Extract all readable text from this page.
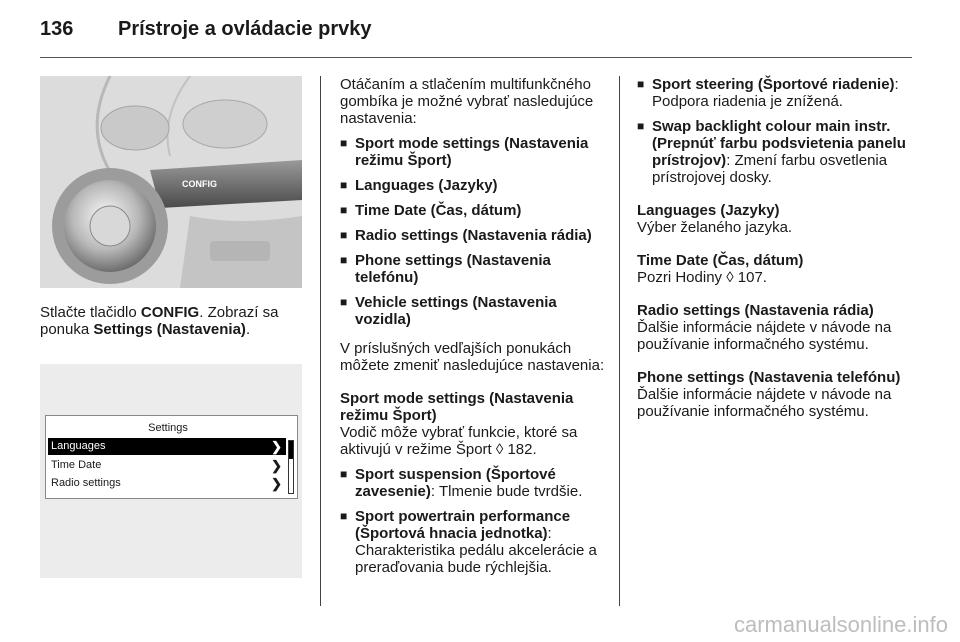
136 Prístroje a ovládacie prvky
CONFIG

Stlačte tlačidlo CONFIG. Zobrazí sa ponuka Settings (Nastavenia).

Settings
Languages	❯
Time Date	❯
Radio settings	❯

Otáčaním a stlačením multifunkčného gombíka je možné vybrať nasledujúce nastavenia:

■ Sport mode settings (Nastavenia režimu Šport)
■ Languages (Jazyky)
■ Time Date (Čas, dátum)
■ Radio settings (Nastavenia rádia)
■ Phone settings (Nastavenia telefónu)
■ Vehicle settings (Nastavenia vozidla)

V príslušných vedľajších ponukách môžete zmeniť nasledujúce nastavenia:

Sport mode settings (Nastavenia režimu Šport)

Vodič môže vybrať funkcie, ktoré sa aktivujú v režime Šport ◊ 182.

■ Sport suspension (Športové zavesenie): Tlmenie bude tvrdšie.
■ Sport powertrain performance (Športová hnacia jednotka): Charakteristika pedálu akcelerácie a preraďovania bude rýchlejšia.
■ Sport steering (Športové riadenie): Podpora riadenia je znížená.
■ Swap backlight colour main instr. (Prepnúť farbu podsvietenia panelu prístrojov): Zmení farbu osvetlenia prístrojovej dosky.

Languages (Jazyky)

Výber želaného jazyka.

Time Date (Čas, dátum)

Pozri Hodiny ◊ 107.

Radio settings (Nastavenia rádia)

Ďalšie informácie nájdete v návode na používanie informačného systému.

Phone settings (Nastavenia telefónu)

Ďalšie informácie nájdete v návode na používanie informačného systému.

carmanualsonline.info
